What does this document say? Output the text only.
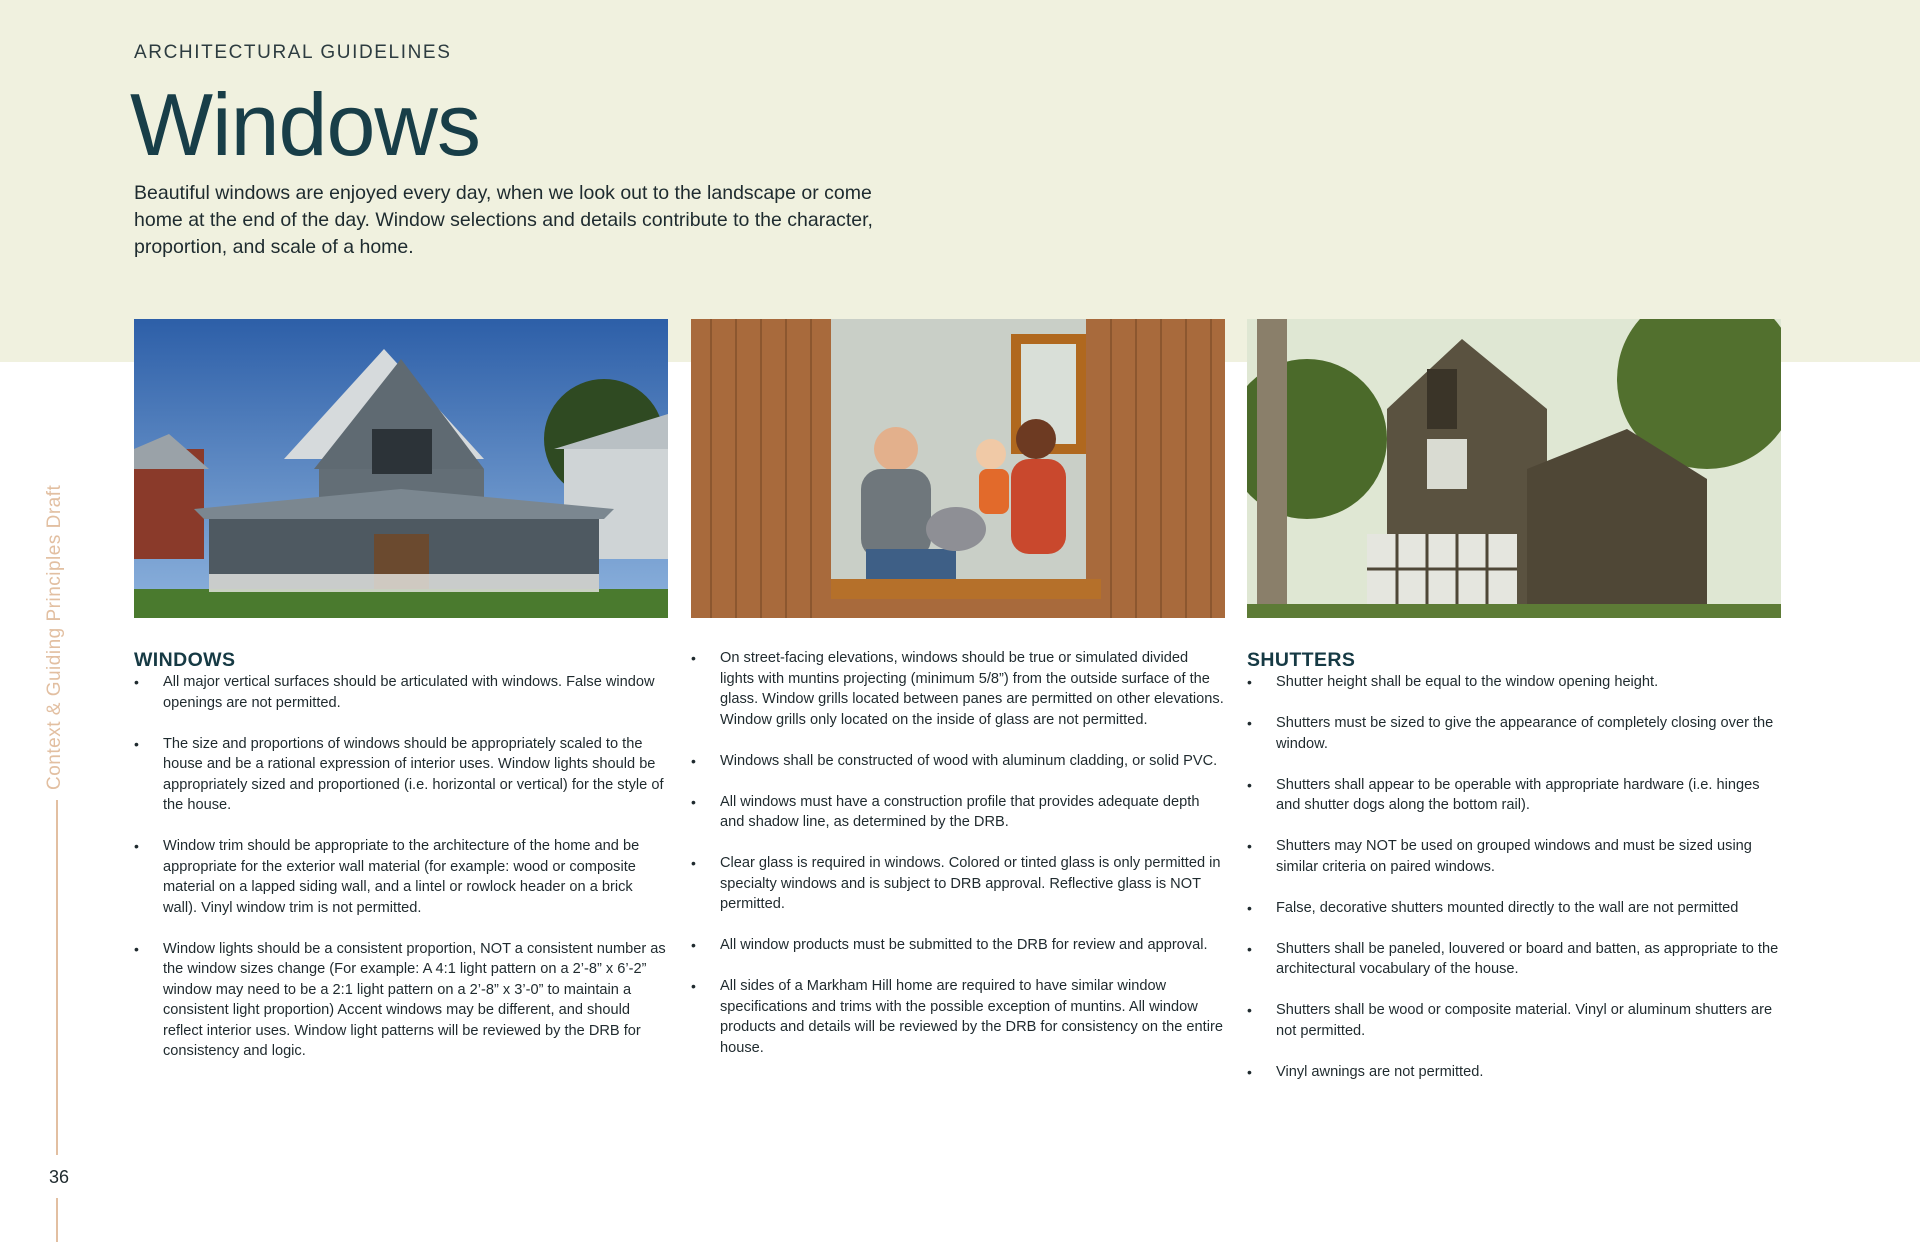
ARCHITECTURAL GUIDELINES
Windows
Beautiful windows are enjoyed every day, when we look out to the landscape or come home at the end of the day. Window selections and details contribute to the character, proportion, and scale of a home.
WINDOWS
• All major vertical surfaces should be articulated with windows. False window openings are not permitted.
• The size and proportions of windows should be appropriately scaled to the house and be a rational expression of interior uses. Window lights should be appropriately sized and proportioned (i.e. horizontal or vertical) for the style of the house.
• Window trim should be appropriate to the architecture of the home and be appropriate for the exterior wall material (for example: wood or composite material on a lapped siding wall, and a lintel or rowlock header on a brick wall). Vinyl window trim is not permitted.
• Window lights should be a consistent proportion, NOT a consistent number as the window sizes change (For example: A 4:1 light pattern on a 2’-8” x 6’-2” window may need to be a 2:1 light pattern on a 2’-8” x 3’-0” to maintain a consistent light proportion) Accent windows may be different, and should reflect interior uses. Window light patterns will be reviewed by the DRB for consistency and logic.
• On street-facing elevations, windows should be true or simulated divided lights with muntins projecting (minimum 5/8”) from the outside surface of the glass. Window grills located between panes are permitted on other elevations. Window grills only located on the inside of glass are not permitted.
• Windows shall be constructed of wood with aluminum cladding, or solid PVC.
• All windows must have a construction profile that provides adequate depth and shadow line, as determined by the DRB.
• Clear glass is required in windows. Colored or tinted glass is only permitted in specialty windows and is subject to DRB approval. Reflective glass is NOT permitted.
• All window products must be submitted to the DRB for review and approval.
• All sides of a Markham Hill home are required to have similar window specifications and trims with the possible exception of muntins. All window products and details will be reviewed by the DRB for consistency on the entire house.
SHUTTERS
• Shutter height shall be equal to the window opening height.
• Shutters must be sized to give the appearance of completely closing over the window.
• Shutters shall appear to be operable with appropriate hardware (i.e. hinges and shutter dogs along the bottom rail).
• Shutters may NOT be used on grouped windows and must be sized using similar criteria on paired windows.
• False, decorative shutters mounted directly to the wall are not permitted
• Shutters shall be paneled, louvered or board and batten, as appropriate to the architectural vocabulary of the house.
• Shutters shall be wood or composite material. Vinyl or aluminum shutters are not permitted.
• Vinyl awnings are not permitted.
Context & Guiding Principles Draft
36
